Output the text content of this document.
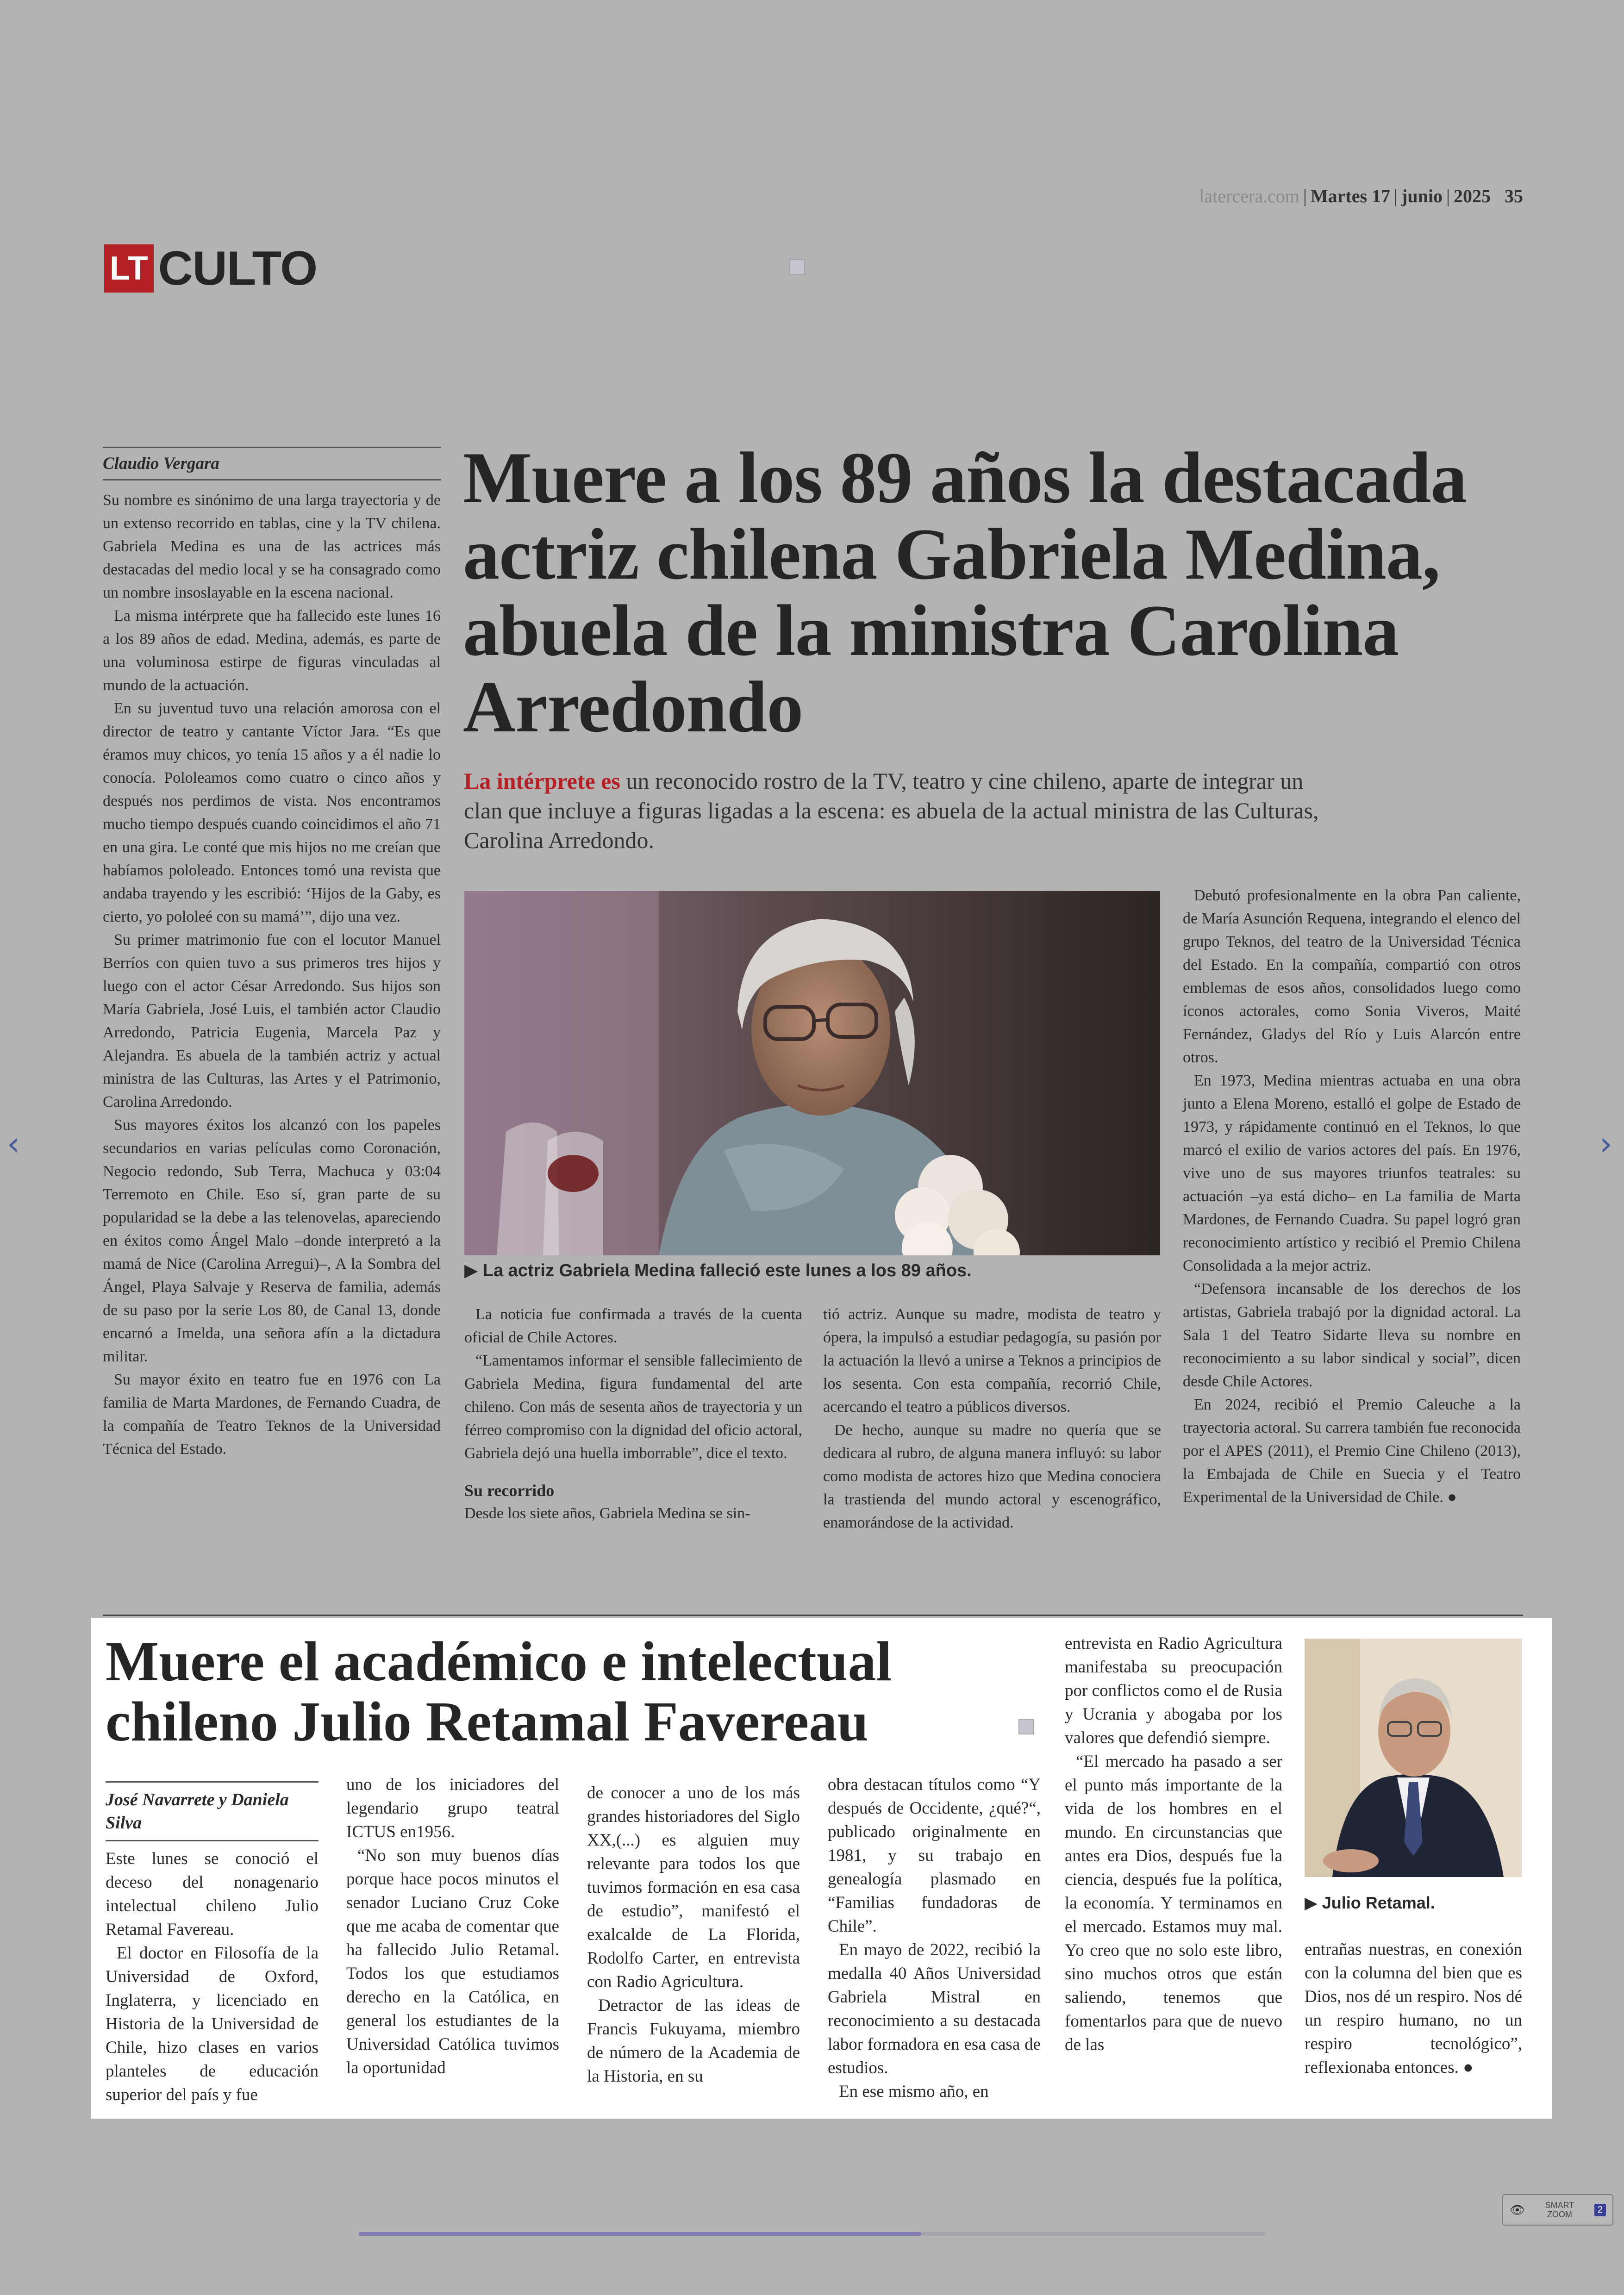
latercera.com | Martes 17 | junio | 2025 35
LT CULTO
Claudio Vergara

Su nombre es sinónimo de una larga trayectoria y de un extenso recorrido en tablas, cine y la TV chilena. Gabriela Medina es una de las actrices más destacadas del medio local y se ha consagrado como un nombre insoslayable en la escena nacional.

La misma intérprete que ha fallecido este lunes 16 a los 89 años de edad. Medina, además, es parte de una voluminosa estirpe de figuras vinculadas al mundo de la actuación.

En su juventud tuvo una relación amorosa con el director de teatro y cantante Víctor Jara. “Es que éramos muy chicos, yo tenía 15 años y a él nadie lo conocía. Pololeamos como cuatro o cinco años y después nos perdimos de vista. Nos encontramos mucho tiempo después cuando coincidimos el año 71 en una gira. Le conté que mis hijos no me creían que habíamos pololeado. Entonces tomó una revista que andaba trayendo y les escribió: ‘Hijos de la Gaby, es cierto, yo pololeé con su mamá’”, dijo una vez.

Su primer matrimonio fue con el locutor Manuel Berríos con quien tuvo a sus primeros tres hijos y luego con el actor César Arredondo. Sus hijos son María Gabriela, José Luis, el también actor Claudio Arredondo, Patricia Eugenia, Marcela Paz y Alejandra. Es abuela de la también actriz y actual ministra de las Culturas, las Artes y el Patrimonio, Carolina Arredondo.

Sus mayores éxitos los alcanzó con los papeles secundarios en varias películas como Coronación, Negocio redondo, Sub Terra, Machuca y 03:04 Terremoto en Chile. Eso sí, gran parte de su popularidad se la debe a las telenovelas, apareciendo en éxitos como Ángel Malo –donde interpretó a la mamá de Nice (Carolina Arregui)–, A la Sombra del Ángel, Playa Salvaje y Reserva de familia, además de su paso por la serie Los 80, de Canal 13, donde encarnó a Imelda, una señora afín a la dictadura militar.

Su mayor éxito en teatro fue en 1976 con La familia de Marta Mardones, de Fernando Cuadra, de la compañía de Teatro Teknos de la Universidad Técnica del Estado.

Muere a los 89 años la destacada actriz chilena Gabriela Medina, abuela de la ministra Carolina Arredondo
La intérprete es un reconocido rostro de la TV, teatro y cine chileno, aparte de integrar un clan que incluye a figuras ligadas a la escena: es abuela de la actual ministra de las Culturas, Carolina Arredondo.
▶ La actriz Gabriela Medina falleció este lunes a los 89 años.

La noticia fue confirmada a través de la cuenta oficial de Chile Actores.

“Lamentamos informar el sensible fallecimiento de Gabriela Medina, figura fundamental del arte chileno. Con más de sesenta años de trayectoria y un férreo compromiso con la dignidad del oficio actoral, Gabriela dejó una huella imborrable”, dice el texto.

Su recorrido

Desde los siete años, Gabriela Medina se sin-

tió actriz. Aunque su madre, modista de teatro y ópera, la impulsó a estudiar pedagogía, su pasión por la actuación la llevó a unirse a Teknos a principios de los sesenta. Con esta compañía, recorrió Chile, acercando el teatro a públicos diversos.

De hecho, aunque su madre no quería que se dedicara al rubro, de alguna manera influyó: su labor como modista de actores hizo que Medina conociera la trastienda del mundo actoral y escenográfico, enamorándose de la actividad.

Debutó profesionalmente en la obra Pan caliente, de María Asunción Requena, integrando el elenco del grupo Teknos, del teatro de la Universidad Técnica del Estado. En la compañía, compartió con otros emblemas de esos años, consolidados luego como íconos actorales, como Sonia Viveros, Maité Fernández, Gladys del Río y Luis Alarcón entre otros.

En 1973, Medina mientras actuaba en una obra junto a Elena Moreno, estalló el golpe de Estado de 1973, y rápidamente continuó en el Teknos, lo que marcó el exilio de varios actores del país. En 1976, vive uno de sus mayores triunfos teatrales: su actuación –ya está dicho– en La familia de Marta Mardones, de Fernando Cuadra. Su papel logró gran reconocimiento artístico y recibió el Premio Chilena Consolidada a la mejor actriz.

“Defensora incansable de los derechos de los artistas, Gabriela trabajó por la dignidad actoral. La Sala 1 del Teatro Sidarte lleva su nombre en reconocimiento a su labor sindical y social”, dicen desde Chile Actores.

En 2024, recibió el Premio Caleuche a la trayectoria actoral. Su carrera también fue reconocida por el APES (2011), el Premio Cine Chileno (2013), la Embajada de Chile en Suecia y el Teatro Experimental de la Universidad de Chile. ●

Muere el académico e intelectual chileno Julio Retamal Favereau
José Navarrete y Daniela Silva

Este lunes se conoció el deceso del nonagenario intelectual chileno Julio Retamal Favereau.

El doctor en Filosofía de la Universidad de Oxford, Inglaterra, y licenciado en Historia de la Universidad de Chile, hizo clases en varios planteles de educación superior del país y fue

uno de los iniciadores del legendario grupo teatral ICTUS en1956.

“No son muy buenos días porque hace pocos minutos el senador Luciano Cruz Coke que me acaba de comentar que ha fallecido Julio Retamal. Todos los que estudiamos derecho en la Católica, en general los estudiantes de la Universidad Católica tuvimos la oportunidad

de conocer a uno de los más grandes historiadores del Siglo XX,(...) es alguien muy relevante para todos los que tuvimos formación en esa casa de estudio”, manifestó el exalcalde de La Florida, Rodolfo Carter, en entrevista con Radio Agricultura.

Detractor de las ideas de Francis Fukuyama, miembro de número de la Academia de la Historia, en su

obra destacan títulos como “Y después de Occidente, ¿qué?“, publicado originalmente en 1981, y su trabajo en genealogía plasmado en “Familias fundadoras de Chile”.

En mayo de 2022, recibió la medalla 40 Años Universidad Gabriela Mistral en reconocimiento a su destacada labor formadora en esa casa de estudios.

En ese mismo año, en

entrevista en Radio Agricultura manifestaba su preocupación por conflictos como el de Rusia y Ucrania y abogaba por los valores que defendió siempre.

“El mercado ha pasado a ser el punto más importante de la vida de los hombres en el mundo. En circunstancias que antes era Dios, después fue la ciencia, después fue la política, la economía. Y terminamos en el mercado. Estamos muy mal. Yo creo que no solo este libro, sino muchos otros que están saliendo, tenemos que fomentarlos para que de nuevo de las

▶ Julio Retamal.

entrañas nuestras, en conexión con la columna del bien que es Dios, nos dé un respiro. Nos dé un respiro humano, no un respiro tecnológico”, reflexionaba entonces. ●

‹	›
👁 SMART
ZOOM	2
